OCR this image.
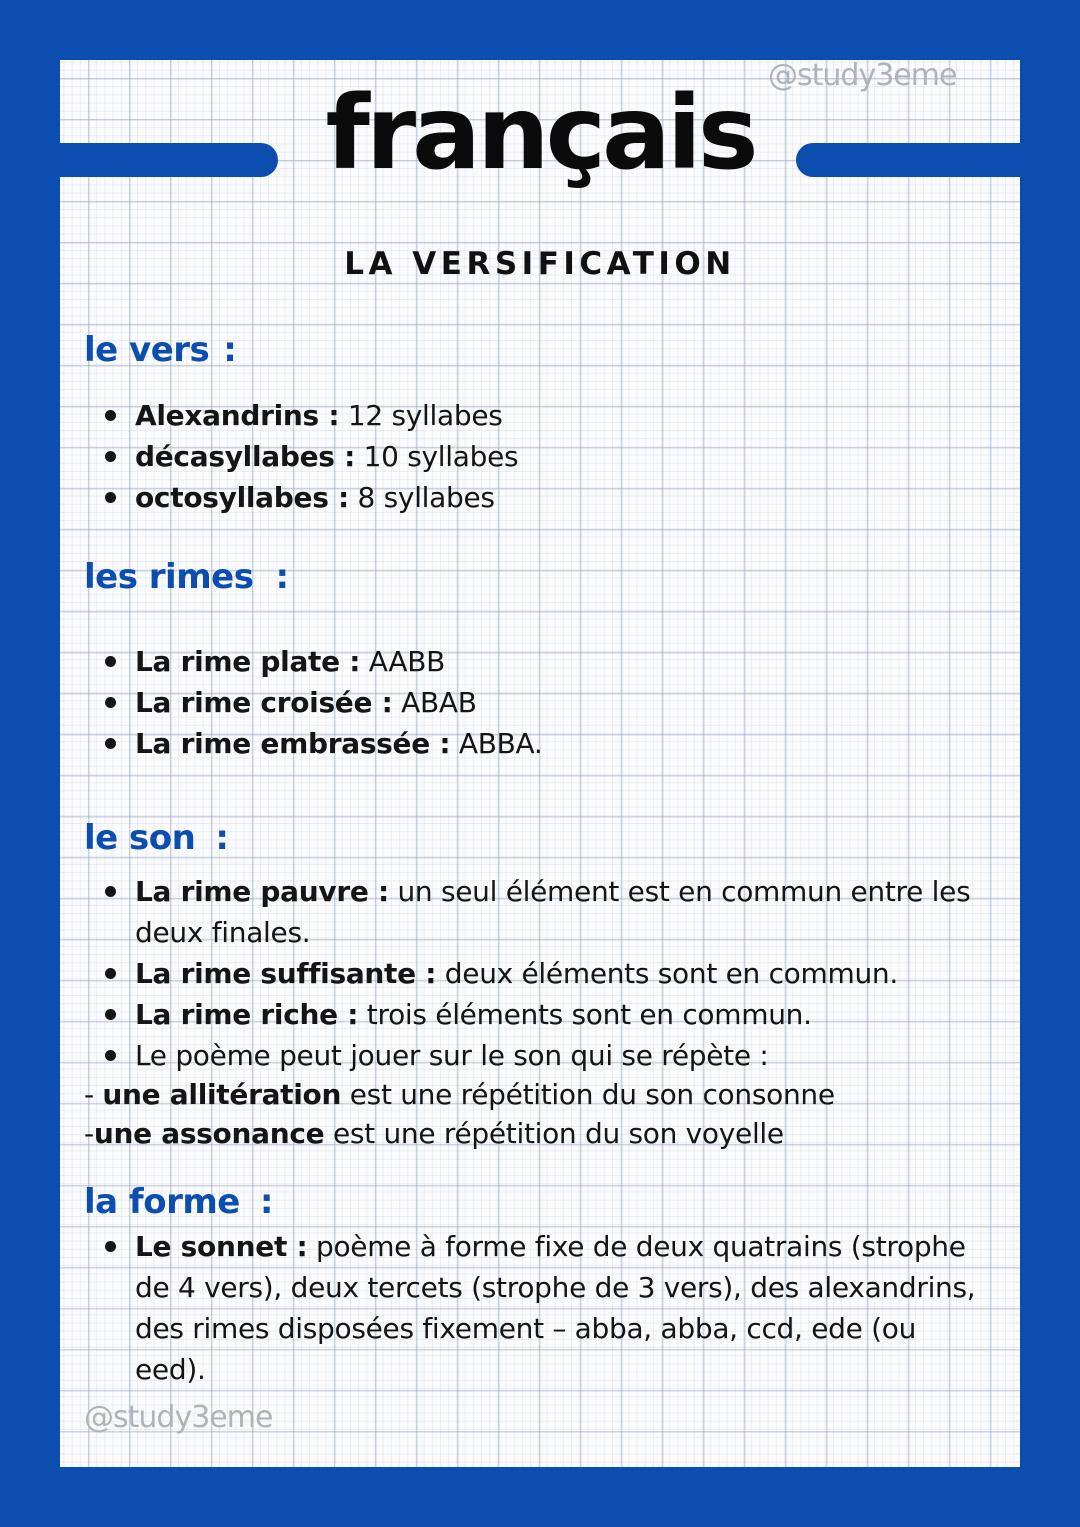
@study3eme
français
LA VERSIFICATION
le vers :
Alexandrins : 12 syllabes
décasyllabes : 10 syllabes
octosyllabes : 8 syllabes
les rimes :
La rime plate : AABB
La rime croisée : ABAB
La rime embrassée : ABBA.
le son :
La rime pauvre : un seul élément est en commun entre les deux finales.
La rime suffisante : deux éléments sont en commun.
La rime riche : trois éléments sont en commun.
Le poème peut jouer sur le son qui se répète :
- une allitération est une répétition du son consonne
-une assonance est une répétition du son voyelle
la forme :
Le sonnet : poème à forme fixe de deux quatrains (strophe de 4 vers), deux tercets (strophe de 3 vers), des alexandrins, des rimes disposées fixement – abba, abba, ccd, ede (ou eed).
@study3eme
